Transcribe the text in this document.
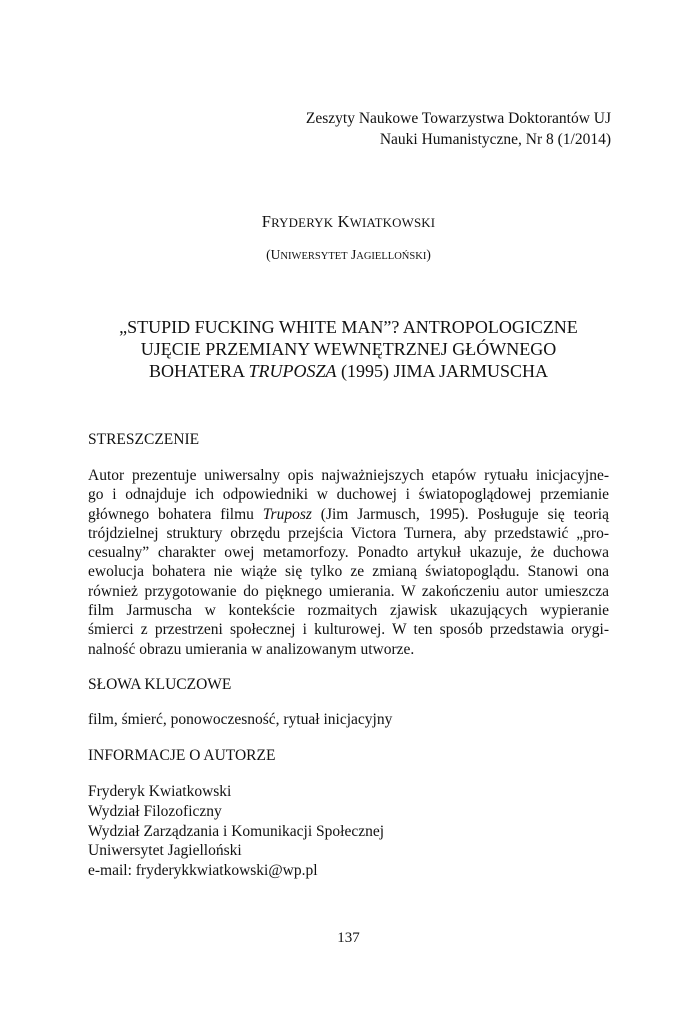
Zeszyty Naukowe Towarzystwa Doktorantów UJ
Nauki Humanistyczne, Nr 8 (1/2014)
FRYDERYK KWIATKOWSKI
(UNIWERSYTET JAGIELLOŃSKI)
„STUPID FUCKING WHITE MAN”? ANTROPOLOGICZNE
UJĘCIE PRZEMIANY WEWNĘTRZNEJ GŁÓWNEGO
BOHATERA TRUPOSZA (1995) JIMA JARMUSCHA
STRESZCZENIE
Autor prezentuje uniwersalny opis najważniejszych etapów rytuału inicjacyjne-
go i odnajduje ich odpowiedniki w duchowej i światopoglądowej przemianie
głównego bohatera filmu Truposz (Jim Jarmusch, 1995). Posługuje się teorią
trójdzielnej struktury obrzędu przejścia Victora Turnera, aby przedstawić „pro-
cesualny” charakter owej metamorfozy. Ponadto artykuł ukazuje, że duchowa
ewolucja bohatera nie wiąże się tylko ze zmianą światopoglądu. Stanowi ona
również przygotowanie do pięknego umierania. W zakończeniu autor umieszcza
film Jarmuscha w kontekście rozmaitych zjawisk ukazujących wypieranie
śmierci z przestrzeni społecznej i kulturowej. W ten sposób przedstawia orygi-
nalność obrazu umierania w analizowanym utworze.
SŁOWA KLUCZOWE
film, śmierć, ponowoczesność, rytuał inicjacyjny
INFORMACJE O AUTORZE
Fryderyk Kwiatkowski
Wydział Filozoficzny
Wydział Zarządzania i Komunikacji Społecznej
Uniwersytet Jagielloński
e-mail: fryderykkwiatkowski@wp.pl
137
